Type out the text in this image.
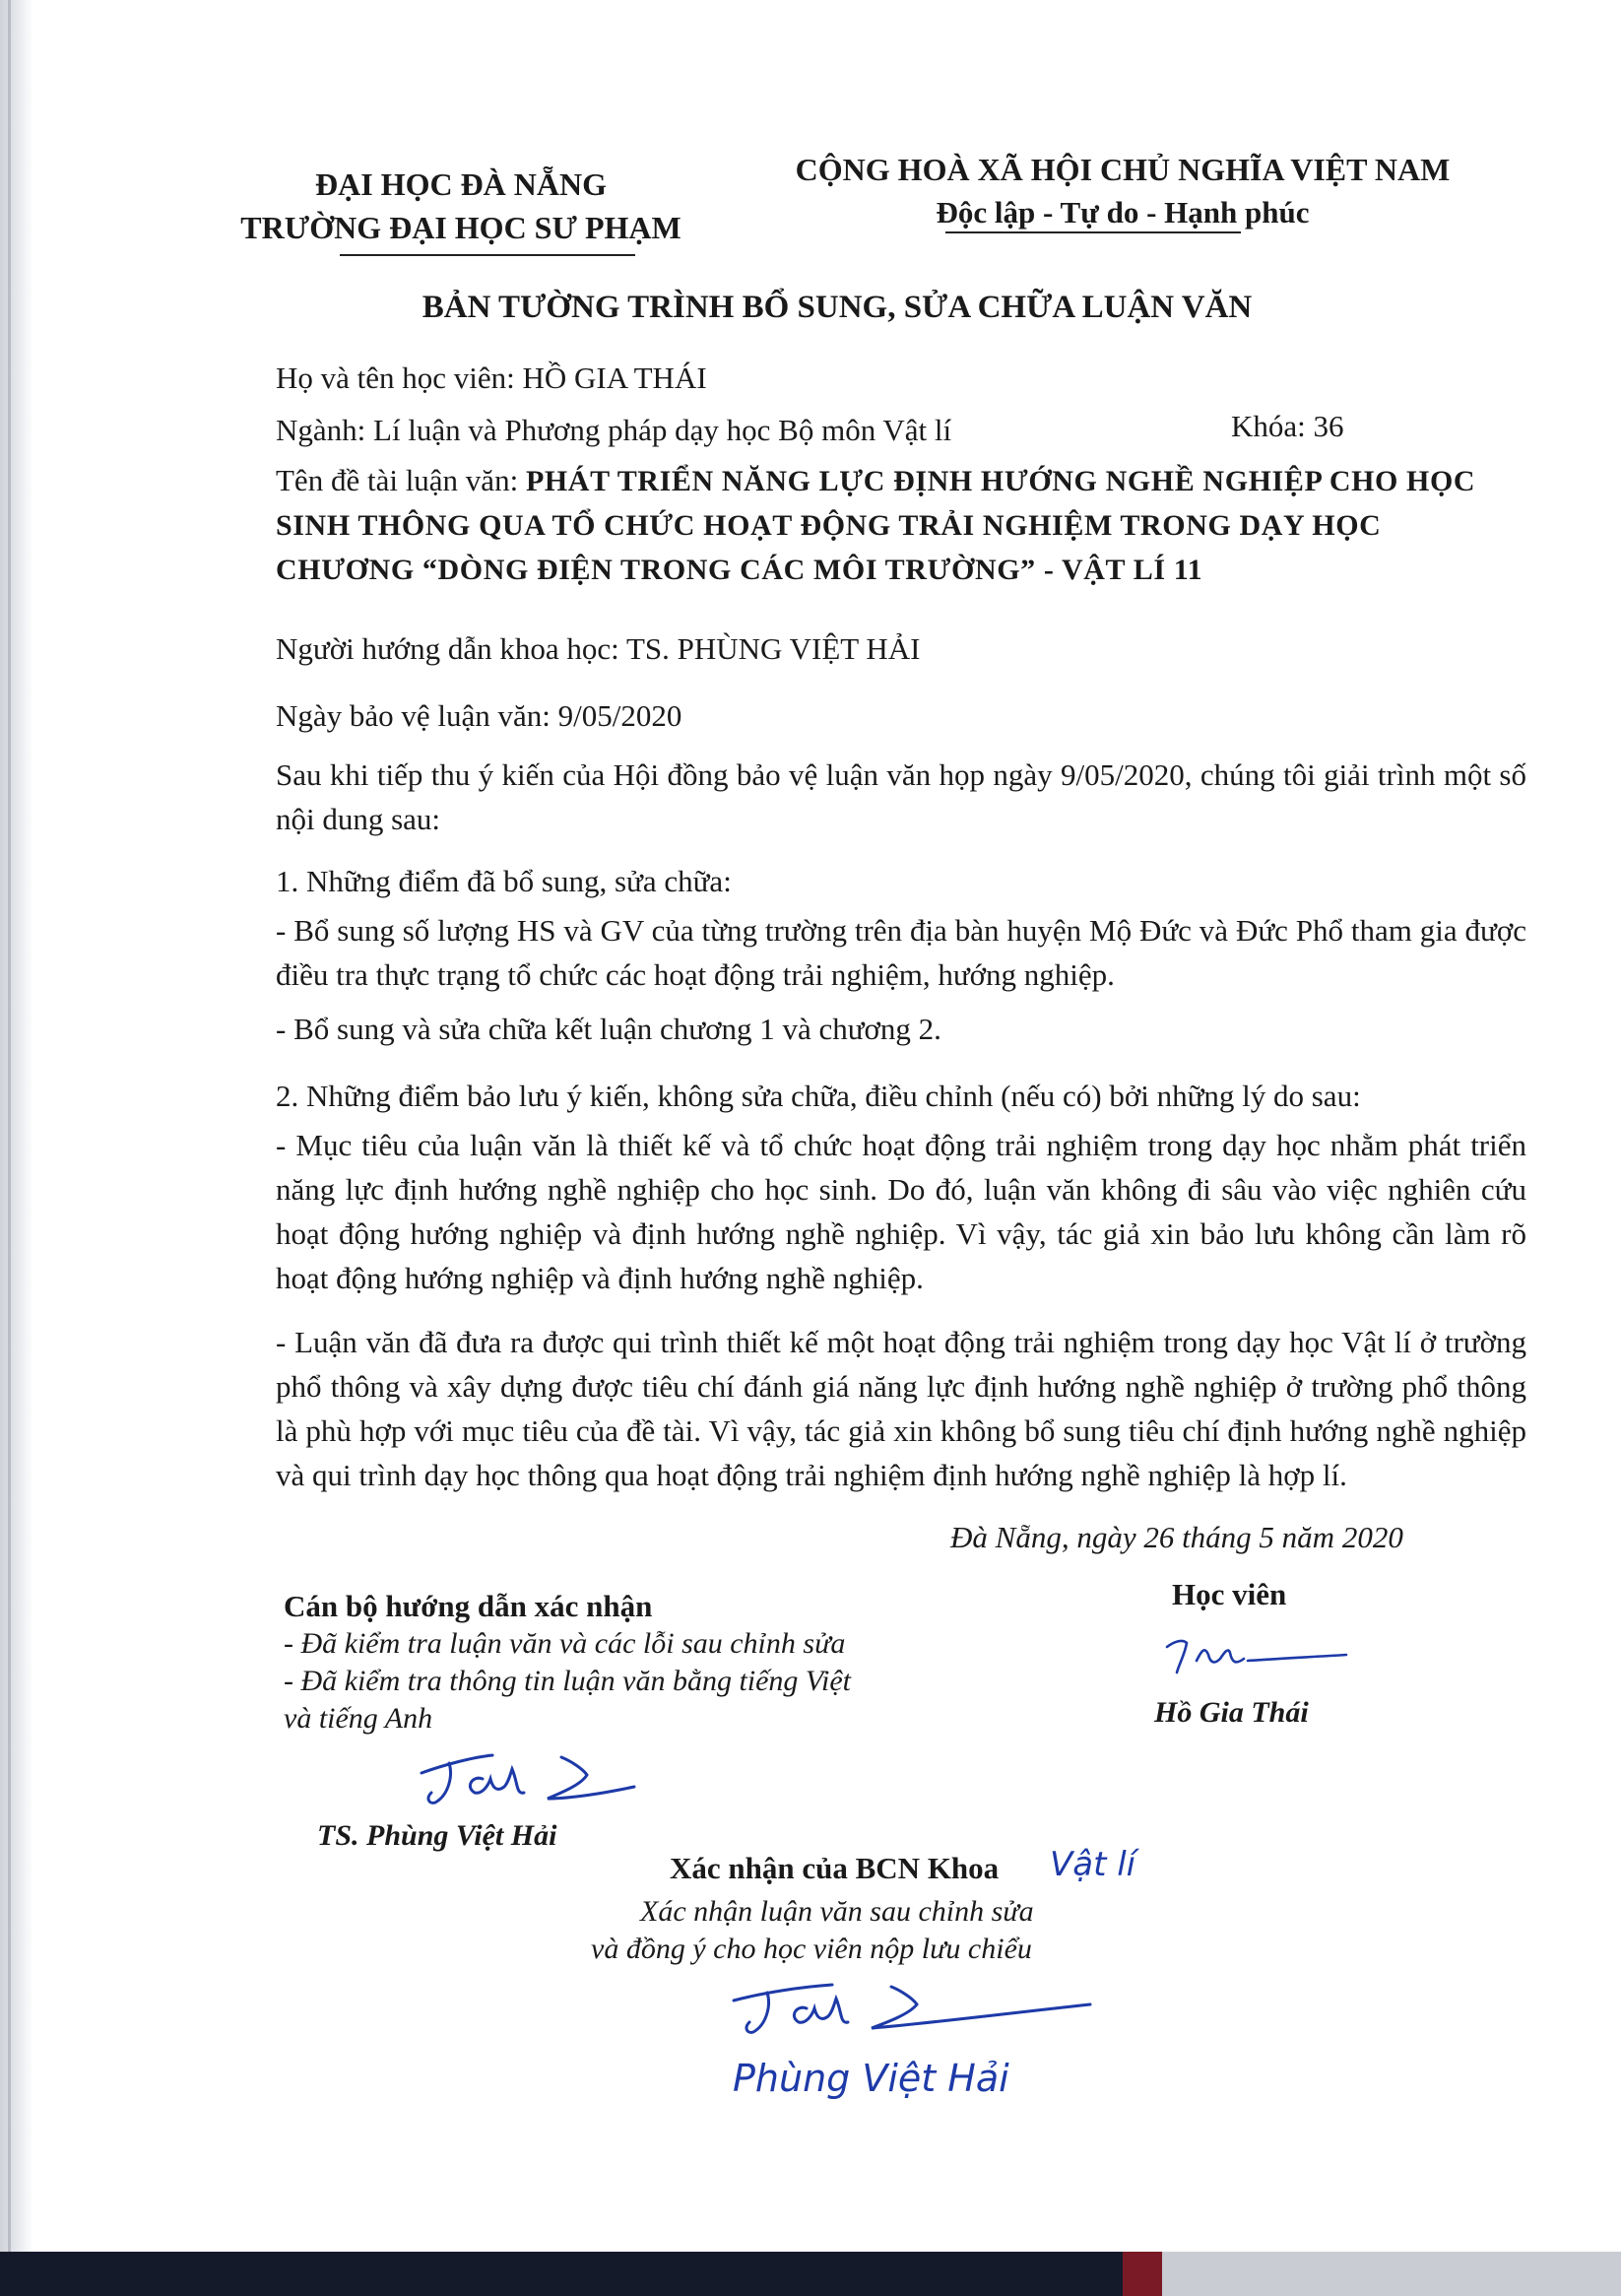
ĐẠI HỌC ĐÀ NẴNG
TRƯỜNG ĐẠI HỌC SƯ PHẠM
CỘNG HOÀ XÃ HỘI CHỦ NGHĨA VIỆT NAM
Độc lập - Tự do - Hạnh phúc
BẢN TƯỜNG TRÌNH BỔ SUNG, SỬA CHỮA LUẬN VĂN
Họ và tên học viên: HỒ GIA THÁI
Ngành: Lí luận và Phương pháp dạy học Bộ môn Vật lí	Khóa: 36
Tên đề tài luận văn: PHÁT TRIỂN NĂNG LỰC ĐỊNH HƯỚNG NGHỀ NGHIỆP CHO HỌC SINH THÔNG QUA TỔ CHỨC HOẠT ĐỘNG TRẢI NGHIỆM TRONG DẠY HỌC CHƯƠNG “DÒNG ĐIỆN TRONG CÁC MÔI TRƯỜNG” - VẬT LÍ 11
Người hướng dẫn khoa học: TS. PHÙNG VIỆT HẢI
Ngày bảo vệ luận văn: 9/05/2020
Sau khi tiếp thu ý kiến của Hội đồng bảo vệ luận văn họp ngày 9/05/2020, chúng tôi giải trình một số nội dung sau:
1. Những điểm đã bổ sung, sửa chữa:
- Bổ sung số lượng HS và GV của từng trường trên địa bàn huyện Mộ Đức và Đức Phổ tham gia được điều tra thực trạng tổ chức các hoạt động trải nghiệm, hướng nghiệp.
- Bổ sung và sửa chữa kết luận chương 1 và chương 2.
2. Những điểm bảo lưu ý kiến, không sửa chữa, điều chỉnh (nếu có) bởi những lý do sau:
- Mục tiêu của luận văn là thiết kế và tổ chức hoạt động trải nghiệm trong dạy học nhằm phát triển năng lực định hướng nghề nghiệp cho học sinh. Do đó, luận văn không đi sâu vào việc nghiên cứu hoạt động hướng nghiệp và định hướng nghề nghiệp. Vì vậy, tác giả xin bảo lưu không cần làm rõ hoạt động hướng nghiệp và định hướng nghề nghiệp.
- Luận văn đã đưa ra được qui trình thiết kế một hoạt động trải nghiệm trong dạy học Vật lí ở trường phổ thông và xây dựng được tiêu chí đánh giá năng lực định hướng nghề nghiệp ở trường phổ thông là phù hợp với mục tiêu của đề tài. Vì vậy, tác giả xin không bổ sung tiêu chí định hướng nghề nghiệp và qui trình dạy học thông qua hoạt động trải nghiệm định hướng nghề nghiệp là hợp lí.
Đà Nẵng, ngày 26 tháng 5 năm 2020
Cán bộ hướng dẫn xác nhận
- Đã kiểm tra luận văn và các lỗi sau chỉnh sửa
- Đã kiểm tra thông tin luận văn bằng tiếng Việt
và tiếng Anh
TS. Phùng Việt Hải
Học viên
Hồ Gia Thái
Xác nhận của BCN Khoa Vật lí
Xác nhận luận văn sau chỉnh sửa
và đồng ý cho học viên nộp lưu chiểu
Phùng Việt Hải
